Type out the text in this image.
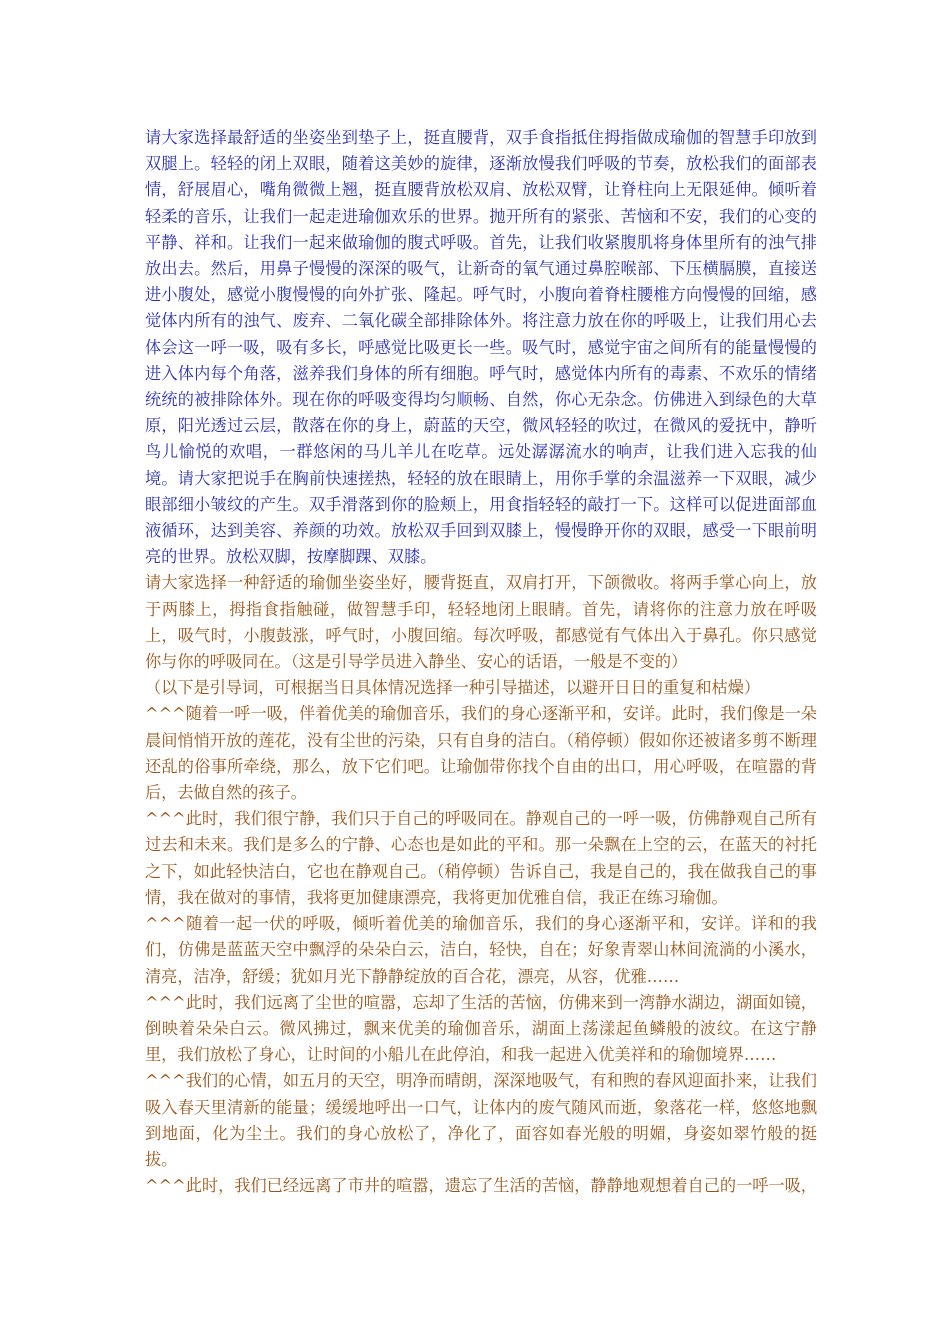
请大家选择最舒适的坐姿坐到垫子上，挺直腰背，双手食指抵住拇指做成瑜伽的智慧手印放到双腿上。轻轻的闭上双眼，随着这美妙的旋律，逐渐放慢我们呼吸的节奏，放松我们的面部表情，舒展眉心，嘴角微微上翘，挺直腰背放松双肩、放松双臂，让脊柱向上无限延伸。倾听着轻柔的音乐，让我们一起走进瑜伽欢乐的世界。抛开所有的紧张、苦恼和不安，我们的心变的平静、祥和。让我们一起来做瑜伽的腹式呼吸。首先，让我们收紧腹肌将身体里所有的浊气排放出去。然后，用鼻子慢慢的深深的吸气，让新奇的氧气通过鼻腔喉部、下压横膈膜，直接送进小腹处，感觉小腹慢慢的向外扩张、隆起。呼气时，小腹向着脊柱腰椎方向慢慢的回缩，感觉体内所有的浊气、废弃、二氧化碳全部排除体外。将注意力放在你的呼吸上，让我们用心去体会这一呼一吸，吸有多长，呼感觉比吸更长一些。吸气时，感觉宇宙之间所有的能量慢慢的进入体内每个角落，滋养我们身体的所有细胞。呼气时，感觉体内所有的毒素、不欢乐的情绪统统的被排除体外。现在你的呼吸变得均匀顺畅、自然，你心无杂念。仿佛进入到绿色的大草原，阳光透过云层，散落在你的身上，蔚蓝的天空，微风轻轻的吹过，在微风的爱抚中，静听鸟儿愉悦的欢唱，一群悠闲的马儿羊儿在吃草。远处潺潺流水的响声，让我们进入忘我的仙境。请大家把说手在胸前快速搓热，轻轻的放在眼睛上，用你手掌的余温滋养一下双眼，减少眼部细小皱纹的产生。双手滑落到你的脸颊上，用食指轻轻的敲打一下。这样可以促进面部血液循环，达到美容、养颜的功效。放松双手回到双膝上，慢慢睁开你的双眼，感受一下眼前明亮的世界。放松双脚，按摩脚踝、双膝。

请大家选择一种舒适的瑜伽坐姿坐好，腰背挺直，双肩打开，下颌微收。将两手掌心向上，放于两膝上，拇指食指触碰，做智慧手印，轻轻地闭上眼睛。首先，请将你的注意力放在呼吸上，吸气时，小腹鼓涨，呼气时，小腹回缩。每次呼吸，都感觉有气体出入于鼻孔。你只感觉你与你的呼吸同在。（这是引导学员进入静坐、安心的话语，一般是不变的）

（以下是引导词，可根据当日具体情况选择一种引导描述，以避开日日的重复和枯燥）

^^^随着一呼一吸，伴着优美的瑜伽音乐，我们的身心逐渐平和，安详。此时，我们像是一朵晨间悄悄开放的莲花，没有尘世的污染，只有自身的洁白。（稍停顿）假如你还被诸多剪不断理还乱的俗事所牵绕，那么，放下它们吧。让瑜伽带你找个自由的出口，用心呼吸，在喧嚣的背后，去做自然的孩子。

^^^此时，我们很宁静，我们只于自己的呼吸同在。静观自己的一呼一吸，仿佛静观自己所有过去和未来。我们是多么的宁静、心态也是如此的平和。那一朵飘在上空的云，在蓝天的衬托之下，如此轻快洁白，它也在静观自己。（稍停顿）告诉自己，我是自己的，我在做我自己的事情，我在做对的事情，我将更加健康漂亮，我将更加优雅自信，我正在练习瑜伽。

^^^随着一起一伏的呼吸，倾听着优美的瑜伽音乐，我们的身心逐渐平和，安详。详和的我们，仿佛是蓝蓝天空中飘浮的朵朵白云，洁白，轻快，自在；好象青翠山林间流淌的小溪水，清亮，洁净，舒缓；犹如月光下静静绽放的百合花，漂亮，从容，优雅……

^^^此时，我们远离了尘世的喧嚣，忘却了生活的苦恼，仿佛来到一湾静水湖边，湖面如镜，倒映着朵朵白云。微风拂过，飘来优美的瑜伽音乐，湖面上荡漾起鱼鳞般的波纹。在这宁静里，我们放松了身心，让时间的小船儿在此停泊，和我一起进入优美祥和的瑜伽境界……

^^^我们的心情，如五月的天空，明净而晴朗，深深地吸气，有和煦的春风迎面扑来，让我们吸入春天里清新的能量；缓缓地呼出一口气，让体内的废气随风而逝，象落花一样，悠悠地飘到地面，化为尘土。我们的身心放松了，净化了，面容如春光般的明媚，身姿如翠竹般的挺拔。

^^^此时，我们已经远离了市井的喧嚣，遗忘了生活的苦恼，静静地观想着自己的一呼一吸，
